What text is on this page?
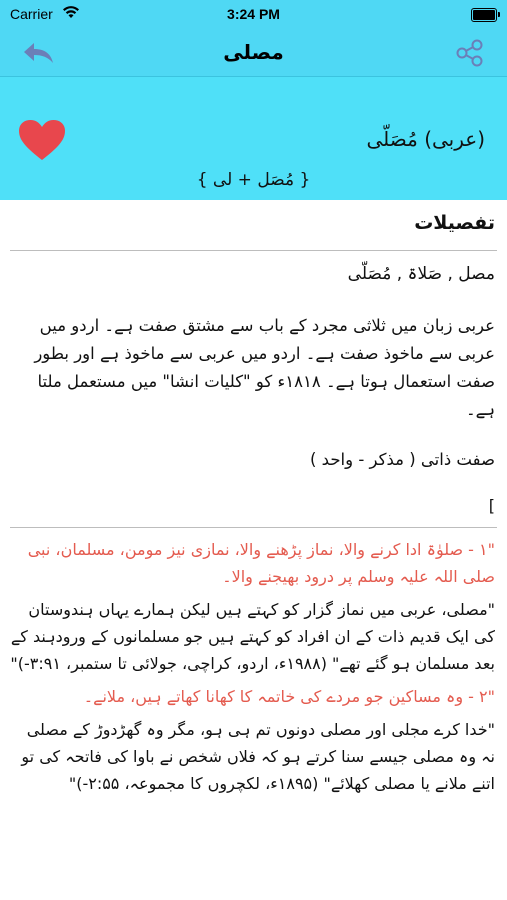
Carrier	3:24 PM
مصلی
(عربی) مُصَلّی
{ مُصَل + لی }
تفصیلات
مصل , صَلاۃ , مُصَلّی
عربی زبان میں ثلاثی مجرد کے باب سے مشتق صفت ہے۔ اردو میں عربی سے ماخوذ صفت ہے۔ اردو میں عربی سے ماخوذ ہے اور بطور صفت استعمال ہوتا ہے۔ ۱۸۱۸ء کو "کلیات انشا" میں مستعمل ملتا ہے۔
صفت ذاتی ( مذکر - واحد )
]

"۱ - صلوٰۃ ادا کرنے والا، نماز پڑھنے والا، نمازی نیز مومن، مسلمان، نبی صلی اللہ علیہ وسلم پر درود بھیجنے والا۔

"مصلی، عربی میں نماز گزار کو کہتے ہیں لیکن ہمارے یہاں ہندوستان کی ایک قدیم ذات کے ان افراد کو کہتے ہیں جو مسلمانوں کے ورودہند کے بعد مسلمان ہو گئے تھے" (۱۹۸۸ء، اردو، کراچی، جولائی تا ستمبر، ۳:۹۱-)"

"۲ - وہ مساکین جو مردے کی خاتمہ کا کھانا کھاتے ہیں، ملانے۔

"خدا کرے مجلی اور مصلی دونوں تم ہی ہو، مگر وہ گھڑدوڑ کے مصلی نہ وہ مصلی جیسے سنا کرتے ہو کہ فلاں شخص نے باوا کی فاتحہ کی تو اتنے ملانے یا مصلی کھلائے" (۱۸۹۵ء، لکچروں کا مجموعہ، ۲:۵۵-)"
